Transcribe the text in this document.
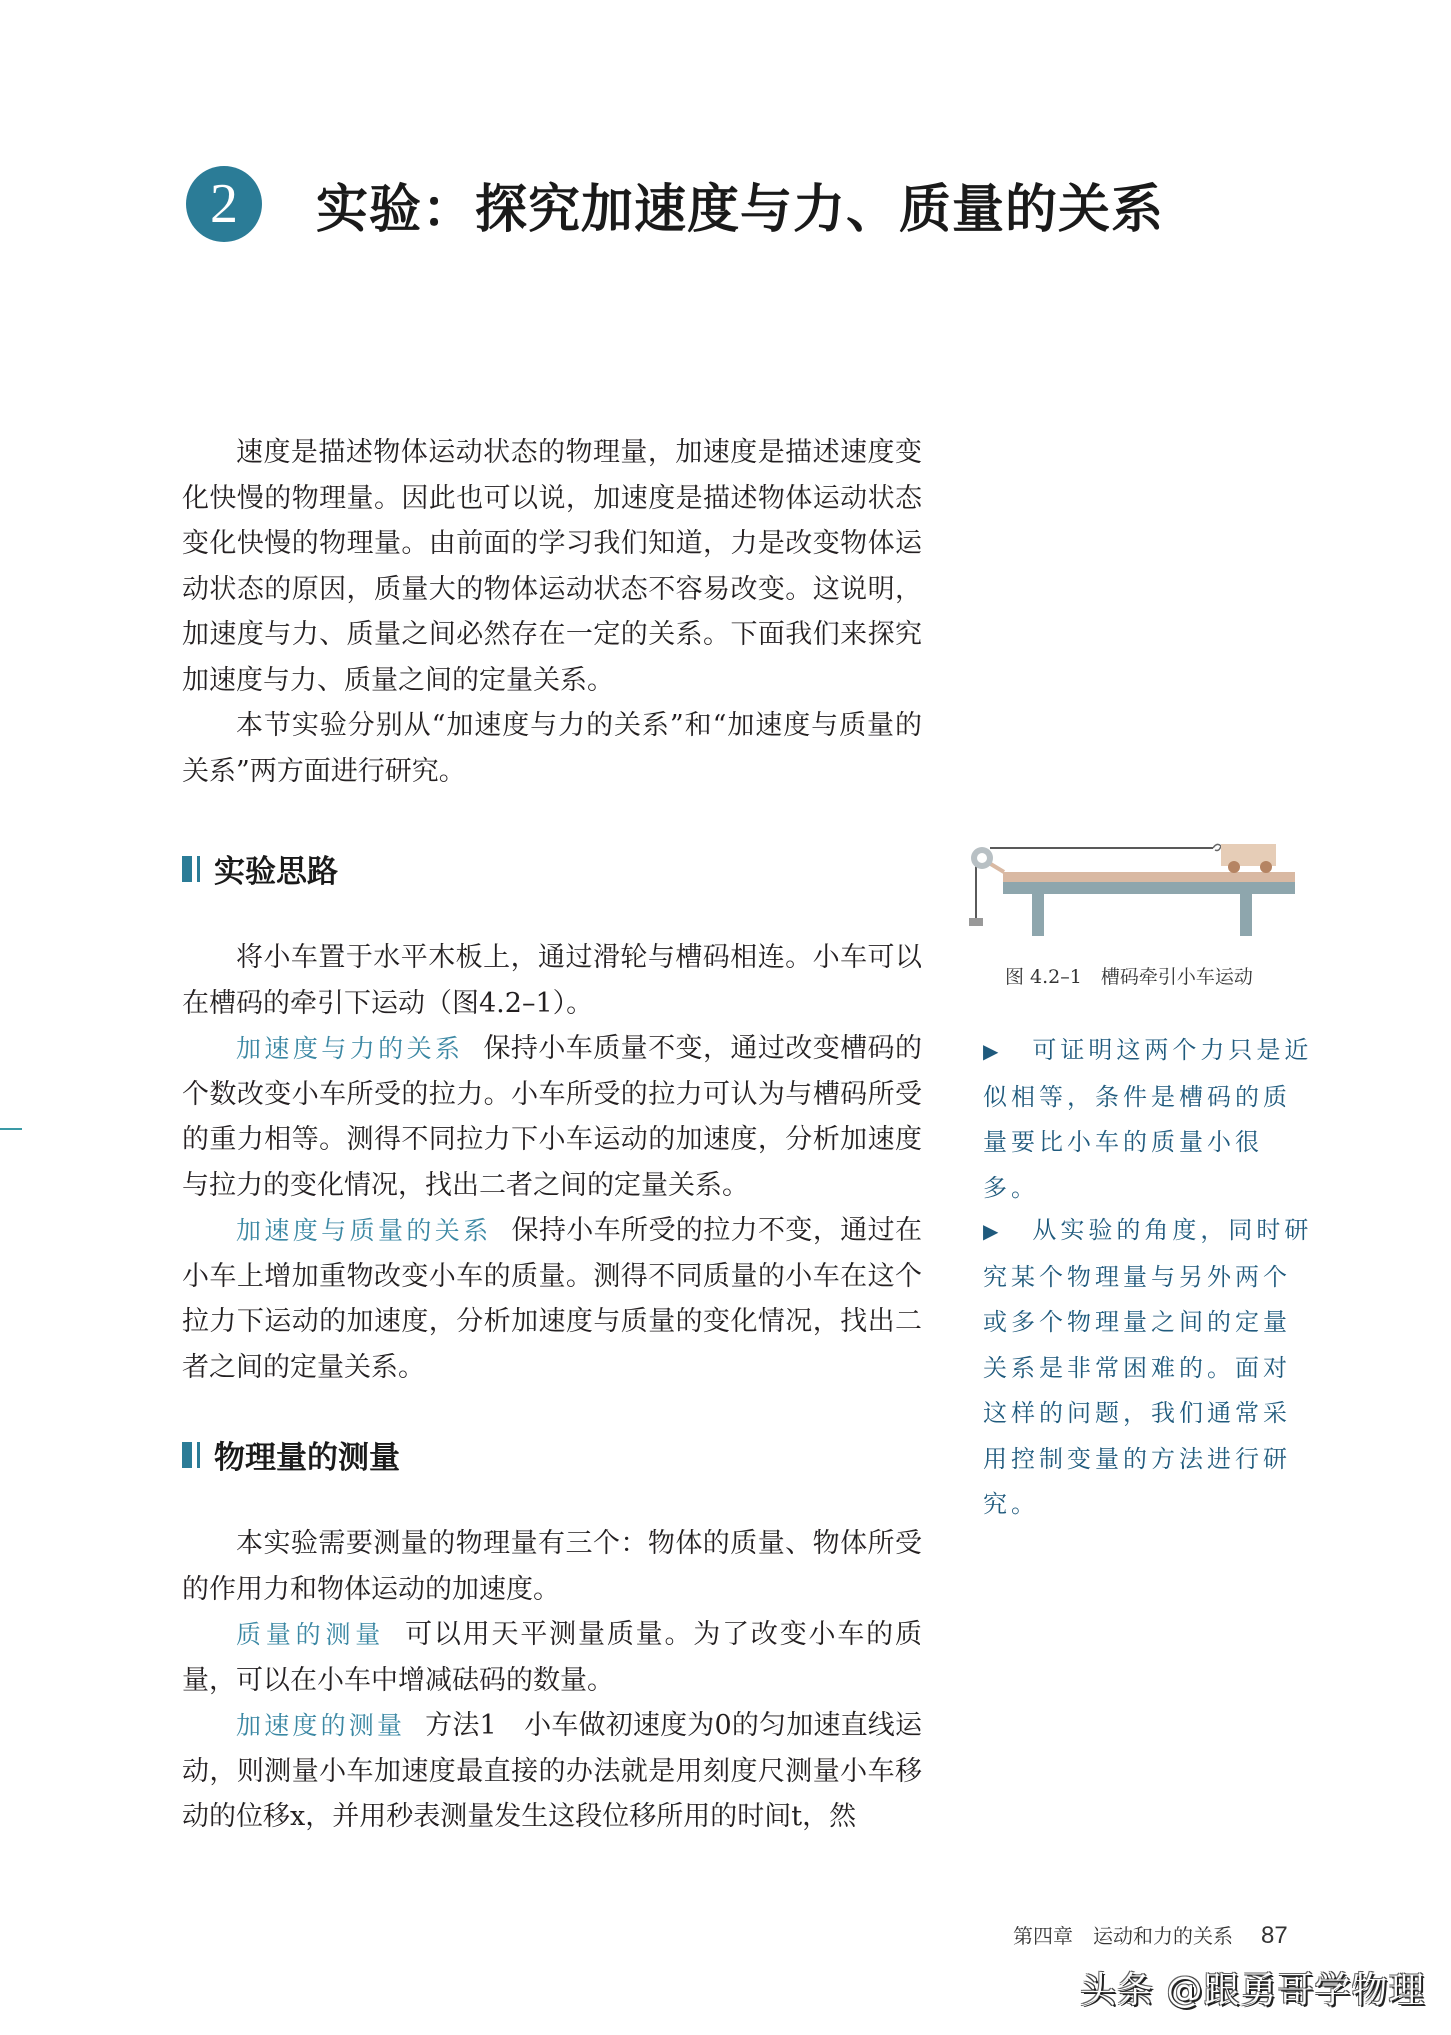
2	实验：探究加速度与力、质量的关系

速度是描述物体运动状态的物理量，加速度是描述速度变化快慢的物理量。因此也可以说，加速度是描述物体运动状态变化快慢的物理量。由前面的学习我们知道，力是改变物体运动状态的原因，质量大的物体运动状态不容易改变。这说明，加速度与力、质量之间必然存在一定的关系。下面我们来探究加速度与力、质量之间的定量关系。

本节实验分别从“加速度与力的关系”和“加速度与质量的关系”两方面进行研究。

实验思路

将小车置于水平木板上，通过滑轮与槽码相连。小车可以在槽码的牵引下运动（图4.2–1）。

加速度与力的关系 保持小车质量不变，通过改变槽码的个数改变小车所受的拉力。小车所受的拉力可认为与槽码所受的重力相等。测得不同拉力下小车运动的加速度，分析加速度与拉力的变化情况，找出二者之间的定量关系。

加速度与质量的关系 保持小车所受的拉力不变，通过在小车上增加重物改变小车的质量。测得不同质量的小车在这个拉力下运动的加速度，分析加速度与质量的变化情况，找出二者之间的定量关系。

物理量的测量

本实验需要测量的物理量有三个：物体的质量、物体所受的作用力和物体运动的加速度。

质量的测量 可以用天平测量质量。为了改变小车的质量，可以在小车中增减砝码的数量。

加速度的测量 方法1　小车做初速度为0的匀加速直线运动，则测量小车加速度最直接的办法就是用刻度尺测量小车移动的位移x，并用秒表测量发生这段位移所用的时间t，然

图 4.2–1　槽码牵引小车运动

▶ 可证明这两个力只是近似相等，条件是槽码的质量要比小车的质量小很多。

▶ 从实验的角度，同时研究某个物理量与另外两个或多个物理量之间的定量关系是非常困难的。面对这样的问题，我们通常采用控制变量的方法进行研究。

第四章　运动和力的关系 87
头条 @跟勇哥学物理
